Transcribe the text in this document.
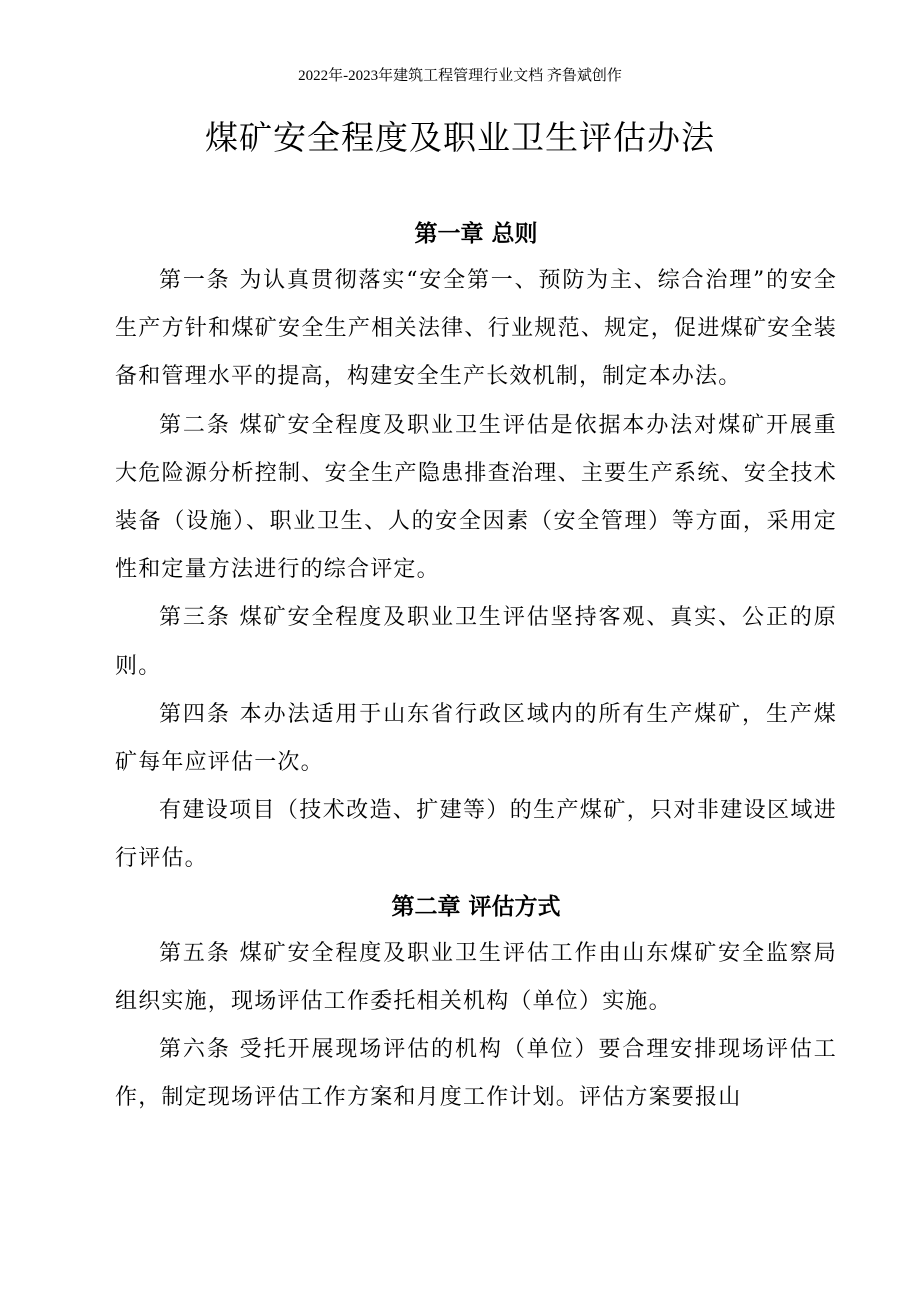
2022年-2023年建筑工程管理行业文档 齐鲁斌创作
煤矿安全程度及职业卫生评估办法
第一章 总则

第一条 为认真贯彻落实“安全第一、预防为主、综合治理”的安全生产方针和煤矿安全生产相关法律、行业规范、规定，促进煤矿安全装备和管理水平的提高，构建安全生产长效机制，制定本办法。

第二条 煤矿安全程度及职业卫生评估是依据本办法对煤矿开展重大危险源分析控制、安全生产隐患排查治理、主要生产系统、安全技术装备（设施）、职业卫生、人的安全因素（安全管理）等方面，采用定性和定量方法进行的综合评定。

第三条 煤矿安全程度及职业卫生评估坚持客观、真实、公正的原则。

第四条 本办法适用于山东省行政区域内的所有生产煤矿，生产煤矿每年应评估一次。

有建设项目（技术改造、扩建等）的生产煤矿，只对非建设区域进行评估。

第二章 评估方式

第五条 煤矿安全程度及职业卫生评估工作由山东煤矿安全监察局组织实施，现场评估工作委托相关机构（单位）实施。

第六条 受托开展现场评估的机构（单位）要合理安排现场评估工作，制定现场评估工作方案和月度工作计划。评估方案要报山
